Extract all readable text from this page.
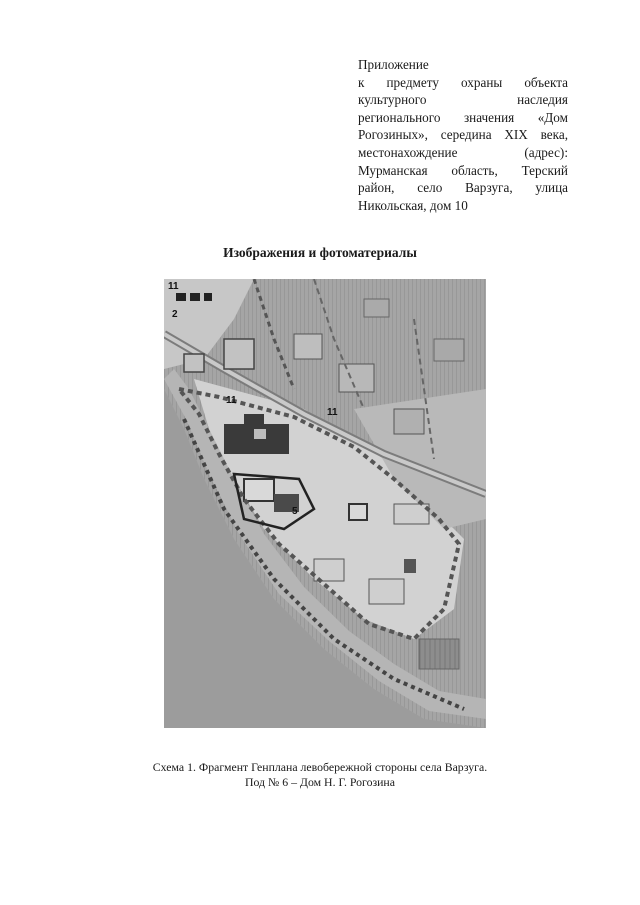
Приложение
к предмету охраны объекта
культурного наследия
регионального значения «Дом
Рогозиных», середина XIX века,
местонахождение (адрес):
Мурманская область, Терский
район, село Варзуга, улица
Никольская, дом 10
Изображения и фотоматериалы
11
2
11
5
11
Схема 1. Фрагмент Генплана левобережной стороны села Варзуга.
Под № 6 – Дом Н. Г. Рогозина
